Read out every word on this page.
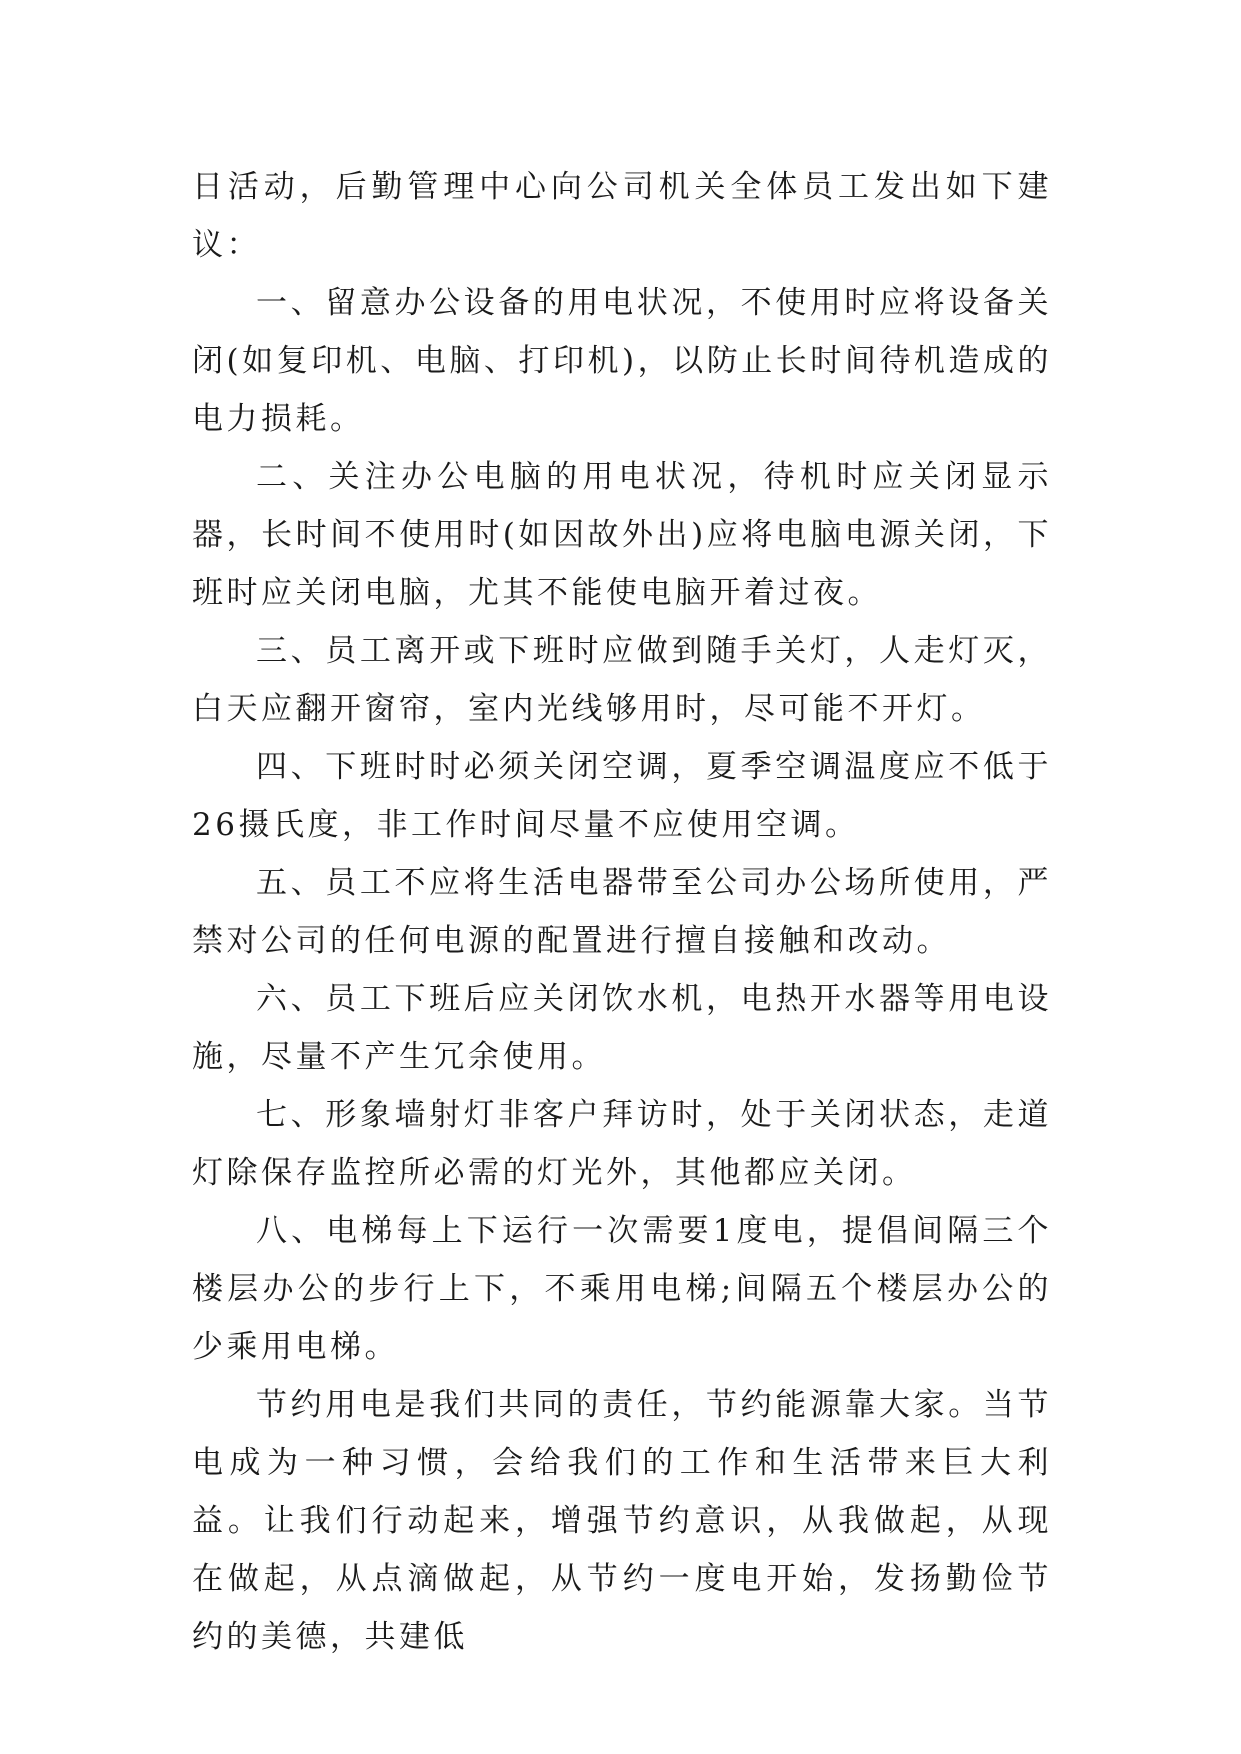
日活动，后勤管理中心向公司机关全体员工发出如下建议：

一、留意办公设备的用电状况，不使用时应将设备关闭(如复印机、电脑、打印机)，以防止长时间待机造成的电力损耗。

二、关注办公电脑的用电状况，待机时应关闭显示器，长时间不使用时(如因故外出)应将电脑电源关闭，下班时应关闭电脑，尤其不能使电脑开着过夜。

三、员工离开或下班时应做到随手关灯，人走灯灭，白天应翻开窗帘，室内光线够用时，尽可能不开灯。

四、下班时时必须关闭空调，夏季空调温度应不低于26摄氏度，非工作时间尽量不应使用空调。

五、员工不应将生活电器带至公司办公场所使用，严禁对公司的任何电源的配置进行擅自接触和改动。

六、员工下班后应关闭饮水机，电热开水器等用电设施，尽量不产生冗余使用。

七、形象墙射灯非客户拜访时，处于关闭状态，走道灯除保存监控所必需的灯光外，其他都应关闭。

八、电梯每上下运行一次需要1度电，提倡间隔三个楼层办公的步行上下，不乘用电梯;间隔五个楼层办公的少乘用电梯。

节约用电是我们共同的责任，节约能源靠大家。当节电成为一种习惯，会给我们的工作和生活带来巨大利益。让我们行动起来，增强节约意识，从我做起，从现在做起，从点滴做起，从节约一度电开始，发扬勤俭节约的美德，共建低
